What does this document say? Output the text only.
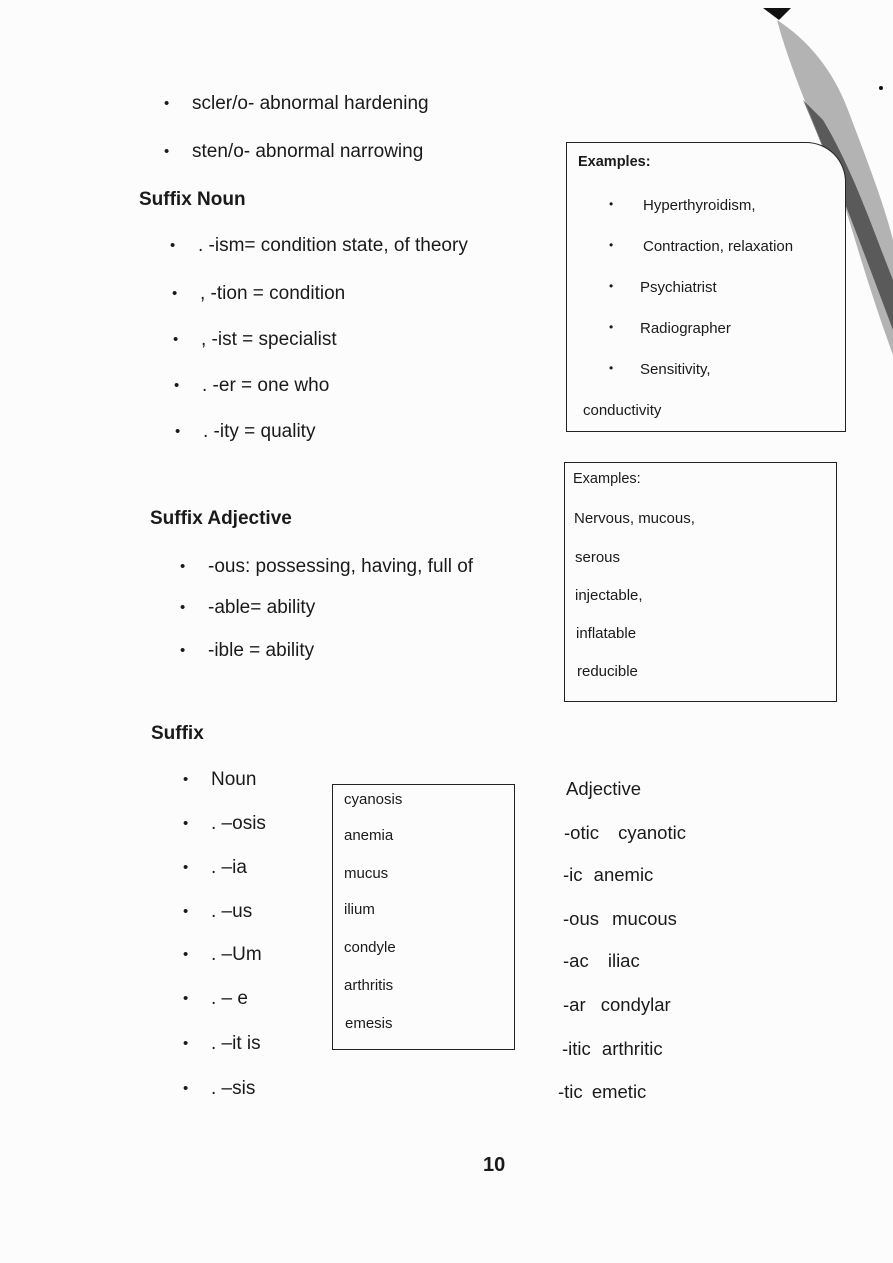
• scler/o- abnormal hardening
• sten/o- abnormal narrowing
Suffix Noun
• . -ism= condition state, of theory
• , -tion = condition
• , -ist = specialist
• . -er = one who
• . -ity = quality
Examples:
• Hyperthyroidism,
• Contraction, relaxation
• Psychiatrist
• Radiographer
• Sensitivity,
conductivity
Suffix Adjective
• -ous: possessing, having, full of
• -able= ability
• -ible = ability
Examples:
Nervous, mucous,
serous
injectable,
inflatable
reducible
Suffix
• Noun
• . –osis
• . –ia
• . –us
• . –Um
• . – e
• . –it is
• . –sis
cyanosis
anemia
mucus
ilium
condyle
arthritis
emesis
Adjective
-otic cyanotic
-ic anemic
-ous mucous
-ac iliac
-ar condylar
-itic arthritic
-tic emetic
10
